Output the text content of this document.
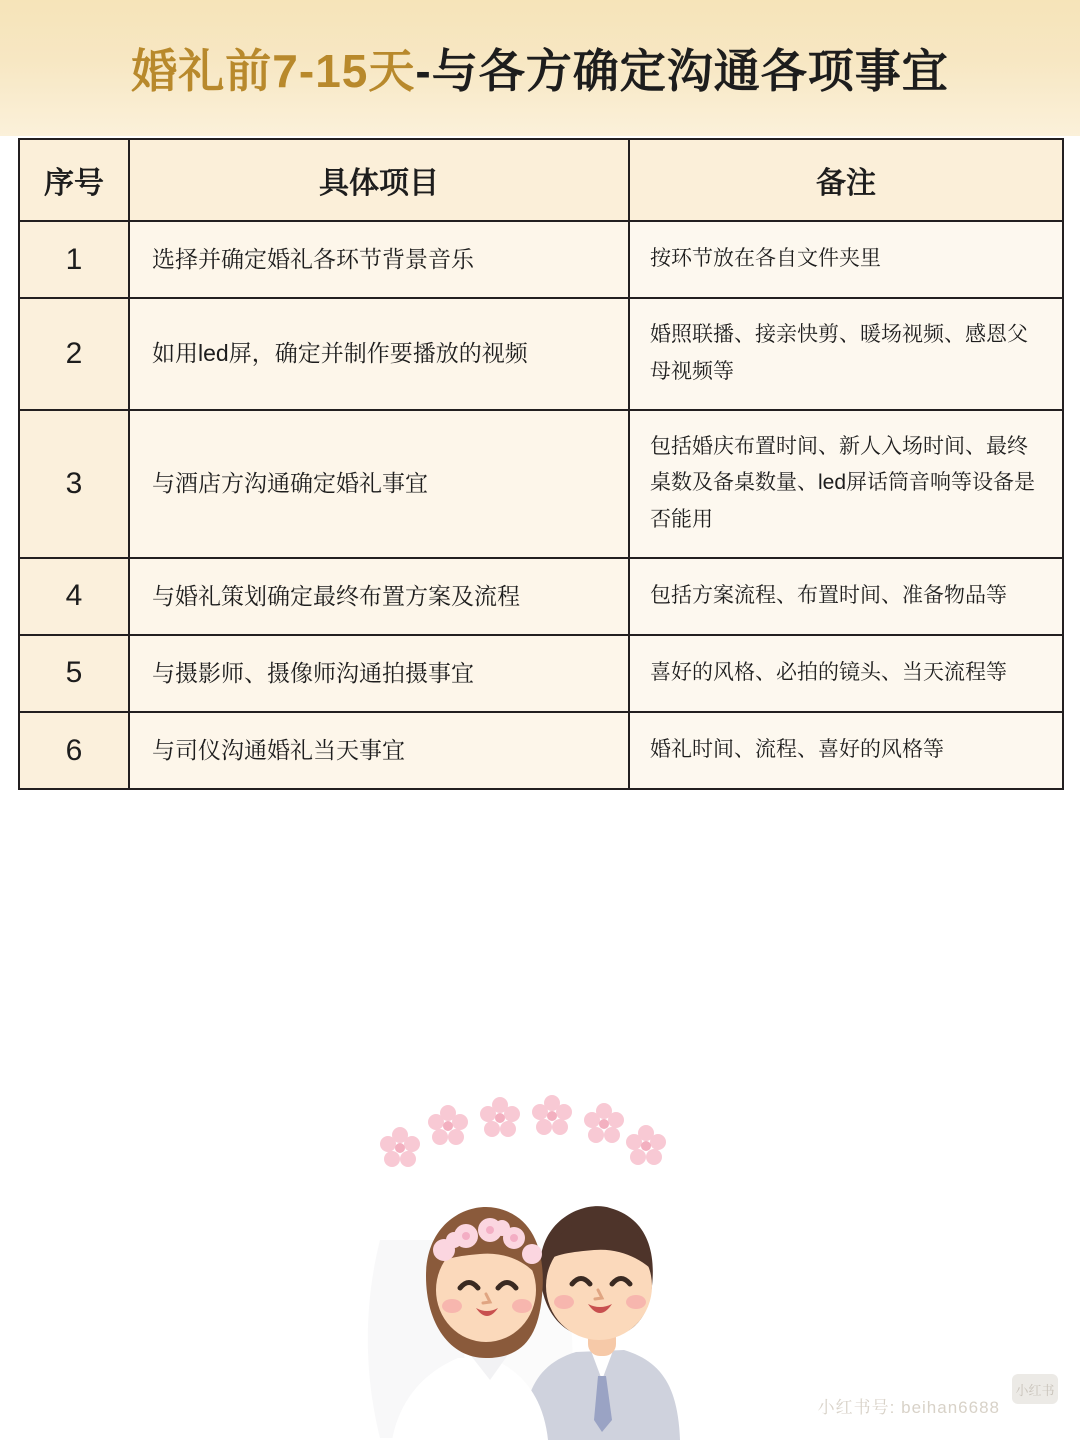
婚礼前7-15天 -与各方确定沟通各项事宜
序号	具体项目	备注
1	选择并确定婚礼各环节背景音乐	按环节放在各自文件夹里
2	如用led屏，确定并制作要播放的视频	婚照联播、接亲快剪、暖场视频、感恩父母视频等
3	与酒店方沟通确定婚礼事宜	包括婚庆布置时间、新人入场时间、最终桌数及备桌数量、led屏话筒音响等设备是否能用
4	与婚礼策划确定最终布置方案及流程	包括方案流程、布置时间、准备物品等
5	与摄影师、摄像师沟通拍摄事宜	喜好的风格、必拍的镜头、当天流程等
6	与司仪沟通婚礼当天事宜	婚礼时间、流程、喜好的风格等
小红书号: beihan6688
小红书
